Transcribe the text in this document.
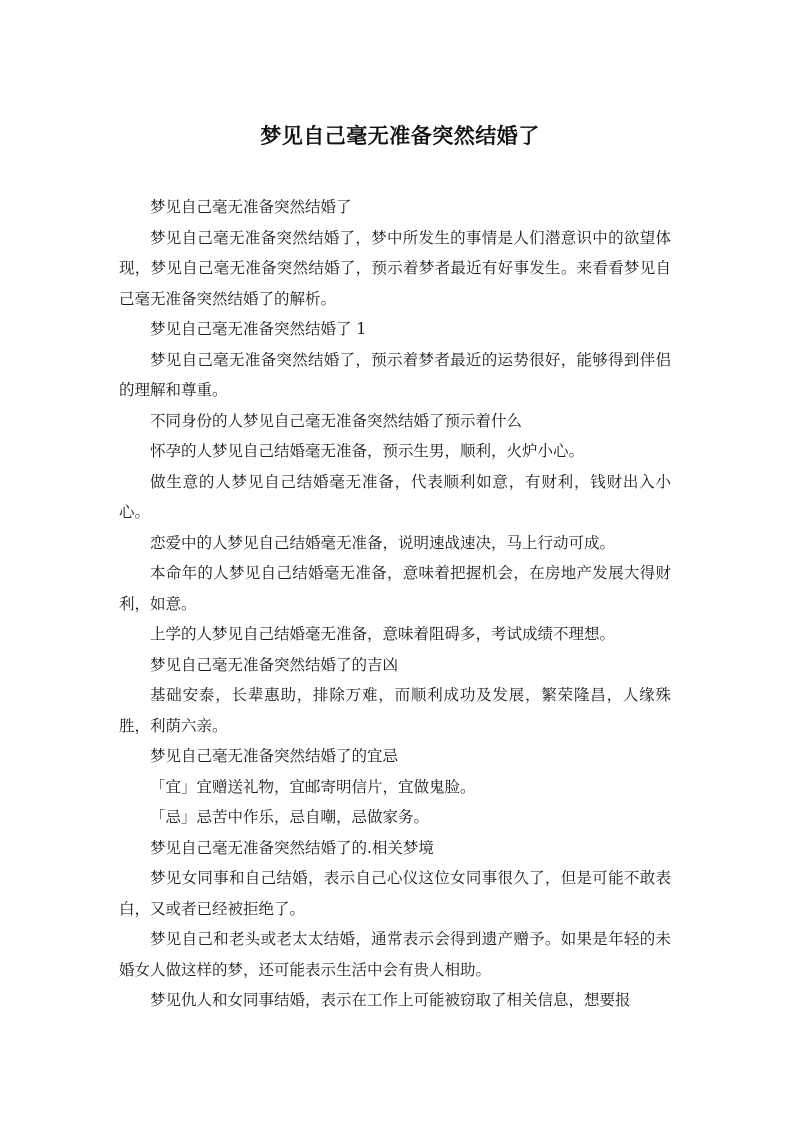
梦见自己毫无准备突然结婚了

梦见自己毫无准备突然结婚了

梦见自己毫无准备突然结婚了，梦中所发生的事情是人们潜意识中的欲望体现，梦见自己毫无准备突然结婚了，预示着梦者最近有好事发生。来看看梦见自己毫无准备突然结婚了的解析。

梦见自己毫无准备突然结婚了 1

梦见自己毫无准备突然结婚了，预示着梦者最近的运势很好，能够得到伴侣的理解和尊重。

不同身份的人梦见自己毫无准备突然结婚了预示着什么

怀孕的人梦见自己结婚毫无准备，预示生男，顺利，火炉小心。

做生意的人梦见自己结婚毫无准备，代表顺利如意，有财利，钱财出入小心。

恋爱中的人梦见自己结婚毫无准备，说明速战速决，马上行动可成。

本命年的人梦见自己结婚毫无准备，意味着把握机会，在房地产发展大得财利，如意。

上学的人梦见自己结婚毫无准备，意味着阻碍多，考试成绩不理想。

梦见自己毫无准备突然结婚了的吉凶

基础安泰，长辈惠助，排除万难，而顺利成功及发展，繁荣隆昌，人缘殊胜，利荫六亲。

梦见自己毫无准备突然结婚了的宜忌

「宜」宜赠送礼物，宜邮寄明信片，宜做鬼脸。

「忌」忌苦中作乐，忌自嘲，忌做家务。

梦见自己毫无准备突然结婚了的.相关梦境

梦见女同事和自己结婚，表示自己心仪这位女同事很久了，但是可能不敢表白，又或者已经被拒绝了。

梦见自己和老头或老太太结婚，通常表示会得到遗产赠予。如果是年轻的未婚女人做这样的梦，还可能表示生活中会有贵人相助。

梦见仇人和女同事结婚，表示在工作上可能被窃取了相关信息，想要报
